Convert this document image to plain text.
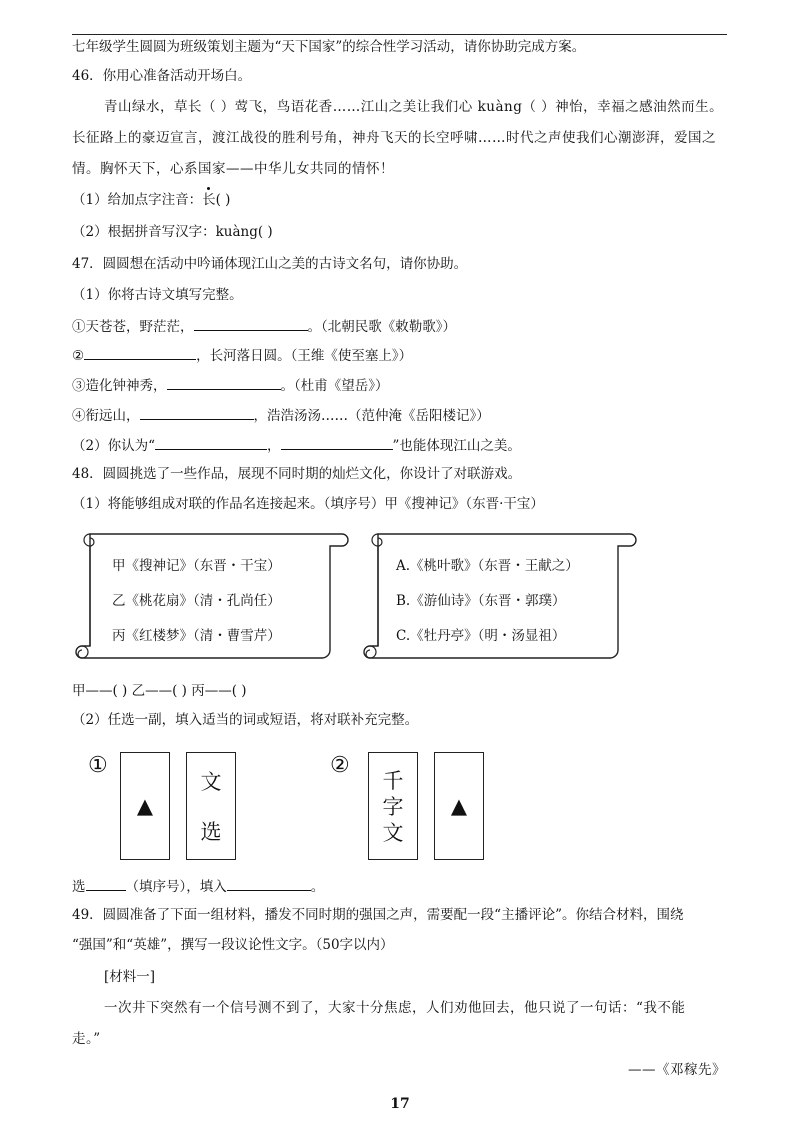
七年级学生圆圆为班级策划主题为“天下国家”的综合性学习活动，请你协助完成方案。
46．你用心准备活动开场白。
青山绿水，草长（ ）莺飞，鸟语花香……江山之美让我们心 kuàng（ ）神怡，幸福之感油然而生。
长征路上的豪迈宣言，渡江战役的胜利号角，神舟飞天的长空呼啸……时代之声使我们心潮澎湃，爱国之
情。胸怀天下，心系国家——中华儿女共同的情怀！
（1）给加点字注音：长( )
（2）根据拼音写汉字：kuàng( )
47．圆圆想在活动中吟诵体现江山之美的古诗文名句，请你协助。
（1）你将古诗文填写完整。
①天苍苍，野茫茫，	。（北朝民歌《敕勒歌》）
②	，长河落日圆。（王维《使至塞上》）
③造化钟神秀，	。（杜甫《望岳》）
④衔远山，	，浩浩汤汤……（范仲淹《岳阳楼记》）
（2）你认为“	，	”也能体现江山之美。
48．圆圆挑选了一些作品，展现不同时期的灿烂文化，你设计了对联游戏。
（1）将能够组成对联的作品名连接起来。（填序号）甲《搜神记》（东晋·干宝）
甲《搜神记》（东晋・干宝）
乙《桃花扇》（清・孔尚任）
丙《红楼梦》（清・曹雪芹）
A.《桃叶歌》（东晋・王献之）
B.《游仙诗》（东晋・郭璞）
C.《牡丹亭》（明・汤显祖）
甲——( ) 乙——( ) 丙——( )
（2）任选一副，填入适当的词或短语，将对联补充完整。
①
▲
文
选
②
千
字
文
▲
选	（填序号），填入	。
49．圆圆准备了下面一组材料，播发不同时期的强国之声，需要配一段“主播评论”。你结合材料，围绕
“强国”和“英雄”，撰写一段议论性文字。（50字以内）
[材料一]
一次井下突然有一个信号测不到了，大家十分焦虑，人们劝他回去，他只说了一句话：“我不能
走。”
——《邓稼先》
17
